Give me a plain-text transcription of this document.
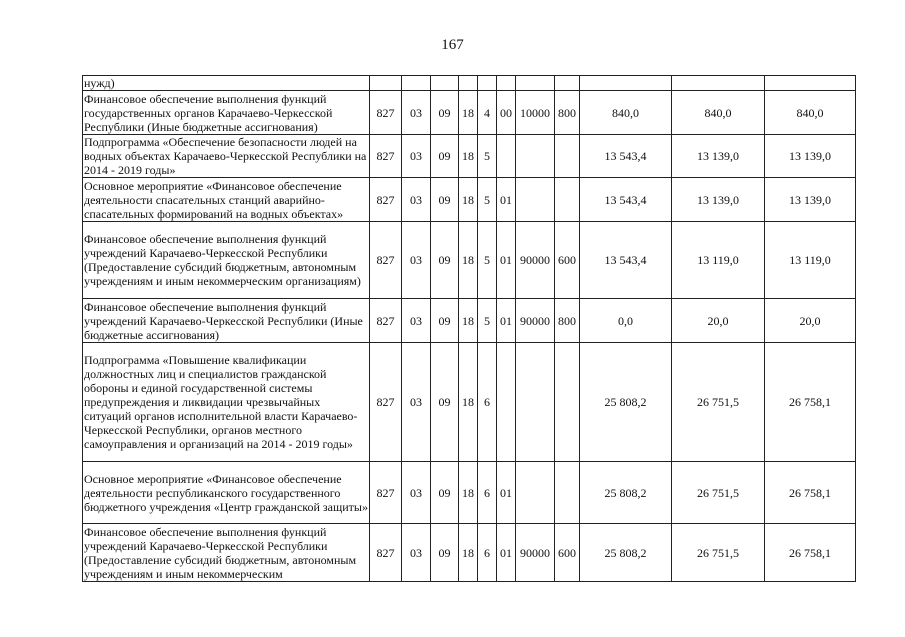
167
нужд)											
Финансовое обеспечение выполнения функций государственных органов Карачаево-Черкесской Республики (Иные бюджетные ассигнования)	827	03	09	18	4	00	10000	800	840,0	840,0	840,0
Подпрограмма «Обеспечение безопасности людей на водных объектах Карачаево-Черкесской Республики на 2014 - 2019 годы»	827	03	09	18	5				13 543,4	13 139,0	13 139,0
Основное мероприятие «Финансовое обеспечение деятельности спасательных станций аварийно-спасательных формирований на водных объектах»	827	03	09	18	5	01			13 543,4	13 139,0	13 139,0
Финансовое обеспечение выполнения функций учреждений Карачаево-Черкесской Республики (Предоставление субсидий бюджетным, автономным учреждениям и иным некоммерческим организациям)	827	03	09	18	5	01	90000	600	13 543,4	13 119,0	13 119,0
Финансовое обеспечение выполнения функций учреждений Карачаево-Черкесской Республики (Иные бюджетные ассигнования)	827	03	09	18	5	01	90000	800	0,0	20,0	20,0
Подпрограмма «Повышение квалификации должностных лиц и специалистов гражданской обороны и единой государственной системы предупреждения и ликвидации чрезвычайных ситуаций органов исполнительной власти Карачаево-Черкесской Республики, органов местного самоуправления и организаций на 2014 - 2019 годы»	827	03	09	18	6				25 808,2	26 751,5	26 758,1
Основное мероприятие «Финансовое обеспечение деятельности республиканского государственного бюджетного учреждения «Центр гражданской защиты»	827	03	09	18	6	01			25 808,2	26 751,5	26 758,1
Финансовое обеспечение выполнения функций учреждений Карачаево-Черкесской Республики (Предоставление субсидий бюджетным, автономным учреждениям и иным некоммерческим	827	03	09	18	6	01	90000	600	25 808,2	26 751,5	26 758,1
